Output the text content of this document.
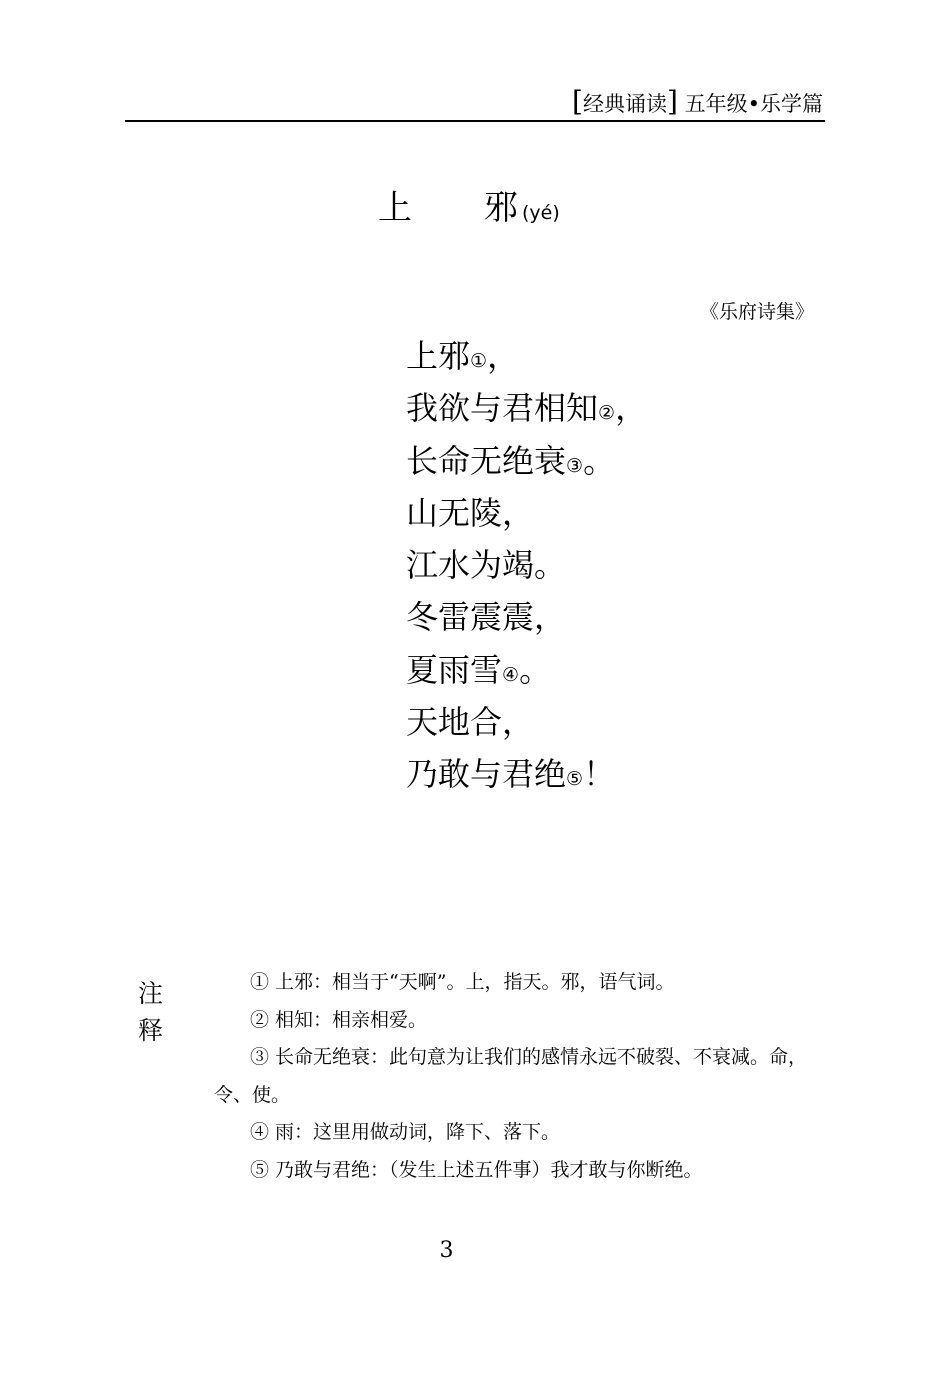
[经典诵读] 五年级•乐学篇
上 邪 (yé)
《乐府诗集》
上邪①，
我欲与君相知②，
长命无绝衰③。
山无陵，
江水为竭。
冬雷震震，
夏雨雪④。
天地合，
乃敢与君绝⑤！
注
释

① 上邪：相当于“天啊”。上，指天。邪，语气词。

② 相知：相亲相爱。

③ 长命无绝衰：此句意为让我们的感情永远不破裂、不衰减。命，令、使。

④ 雨：这里用做动词，降下、落下。

⑤ 乃敢与君绝：（发生上述五件事）我才敢与你断绝。

3
